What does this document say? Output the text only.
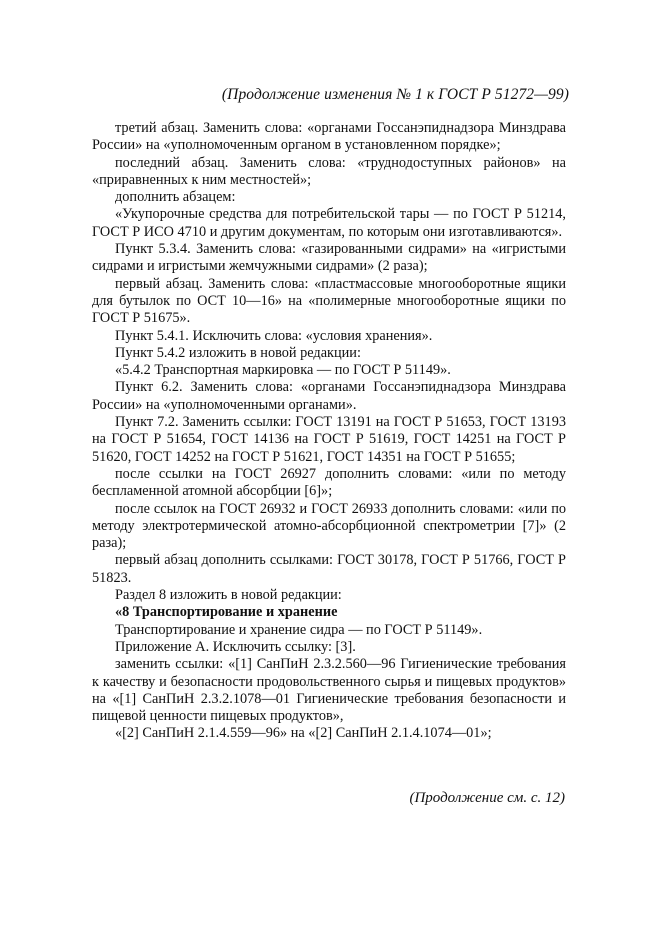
(Продолжение изменения № 1 к ГОСТ Р 51272—99)

третий абзац. Заменить слова: «органами Госсанэпиднадзора Минздрава России» на «уполномоченным органом в установленном порядке»;

последний абзац. Заменить слова: «труднодоступных районов» на «приравненных к ним местностей»;

дополнить абзацем:

«Укупорочные средства для потребительской тары — по ГОСТ Р 51214, ГОСТ Р ИСО 4710 и другим документам, по которым они изготавливаются».

Пункт 5.3.4. Заменить слова: «газированными сидрами» на «игристыми сидрами и игристыми жемчужными сидрами» (2 раза);

первый абзац. Заменить слова: «пластмассовые многооборотные ящики для бутылок по ОСТ 10—16» на «полимерные многооборотные ящики по ГОСТ Р 51675».

Пункт 5.4.1. Исключить слова: «условия хранения».

Пункт 5.4.2 изложить в новой редакции:

«5.4.2 Транспортная маркировка — по ГОСТ Р 51149».

Пункт 6.2. Заменить слова: «органами Госсанэпиднадзора Минздрава России» на «уполномоченными органами».

Пункт 7.2. Заменить ссылки: ГОСТ 13191 на ГОСТ Р 51653, ГОСТ 13193 на ГОСТ Р 51654, ГОСТ 14136 на ГОСТ Р 51619, ГОСТ 14251 на ГОСТ Р 51620, ГОСТ 14252 на ГОСТ Р 51621, ГОСТ 14351 на ГОСТ Р 51655;

после ссылки на ГОСТ 26927 дополнить словами: «или по методу беспламенной атомной абсорбции [6]»;

после ссылок на ГОСТ 26932 и ГОСТ 26933 дополнить словами: «или по методу электротермической атомно-абсорбционной спектрометрии [7]» (2 раза);

первый абзац дополнить ссылками: ГОСТ 30178, ГОСТ Р 51766, ГОСТ Р 51823.

Раздел 8 изложить в новой редакции:

«8 Транспортирование и хранение

Транспортирование и хранение сидра — по ГОСТ Р 51149».

Приложение А. Исключить ссылку: [3].

заменить ссылки: «[1] СанПиН 2.3.2.560—96 Гигиенические требования к качеству и безопасности продовольственного сырья и пищевых продуктов» на «[1] СанПиН 2.3.2.1078—01 Гигиенические требования безопасности и пищевой ценности пищевых продуктов»,

«[2] СанПиН 2.1.4.559—96» на «[2] СанПиН 2.1.4.1074—01»;

(Продолжение см. с. 12)
